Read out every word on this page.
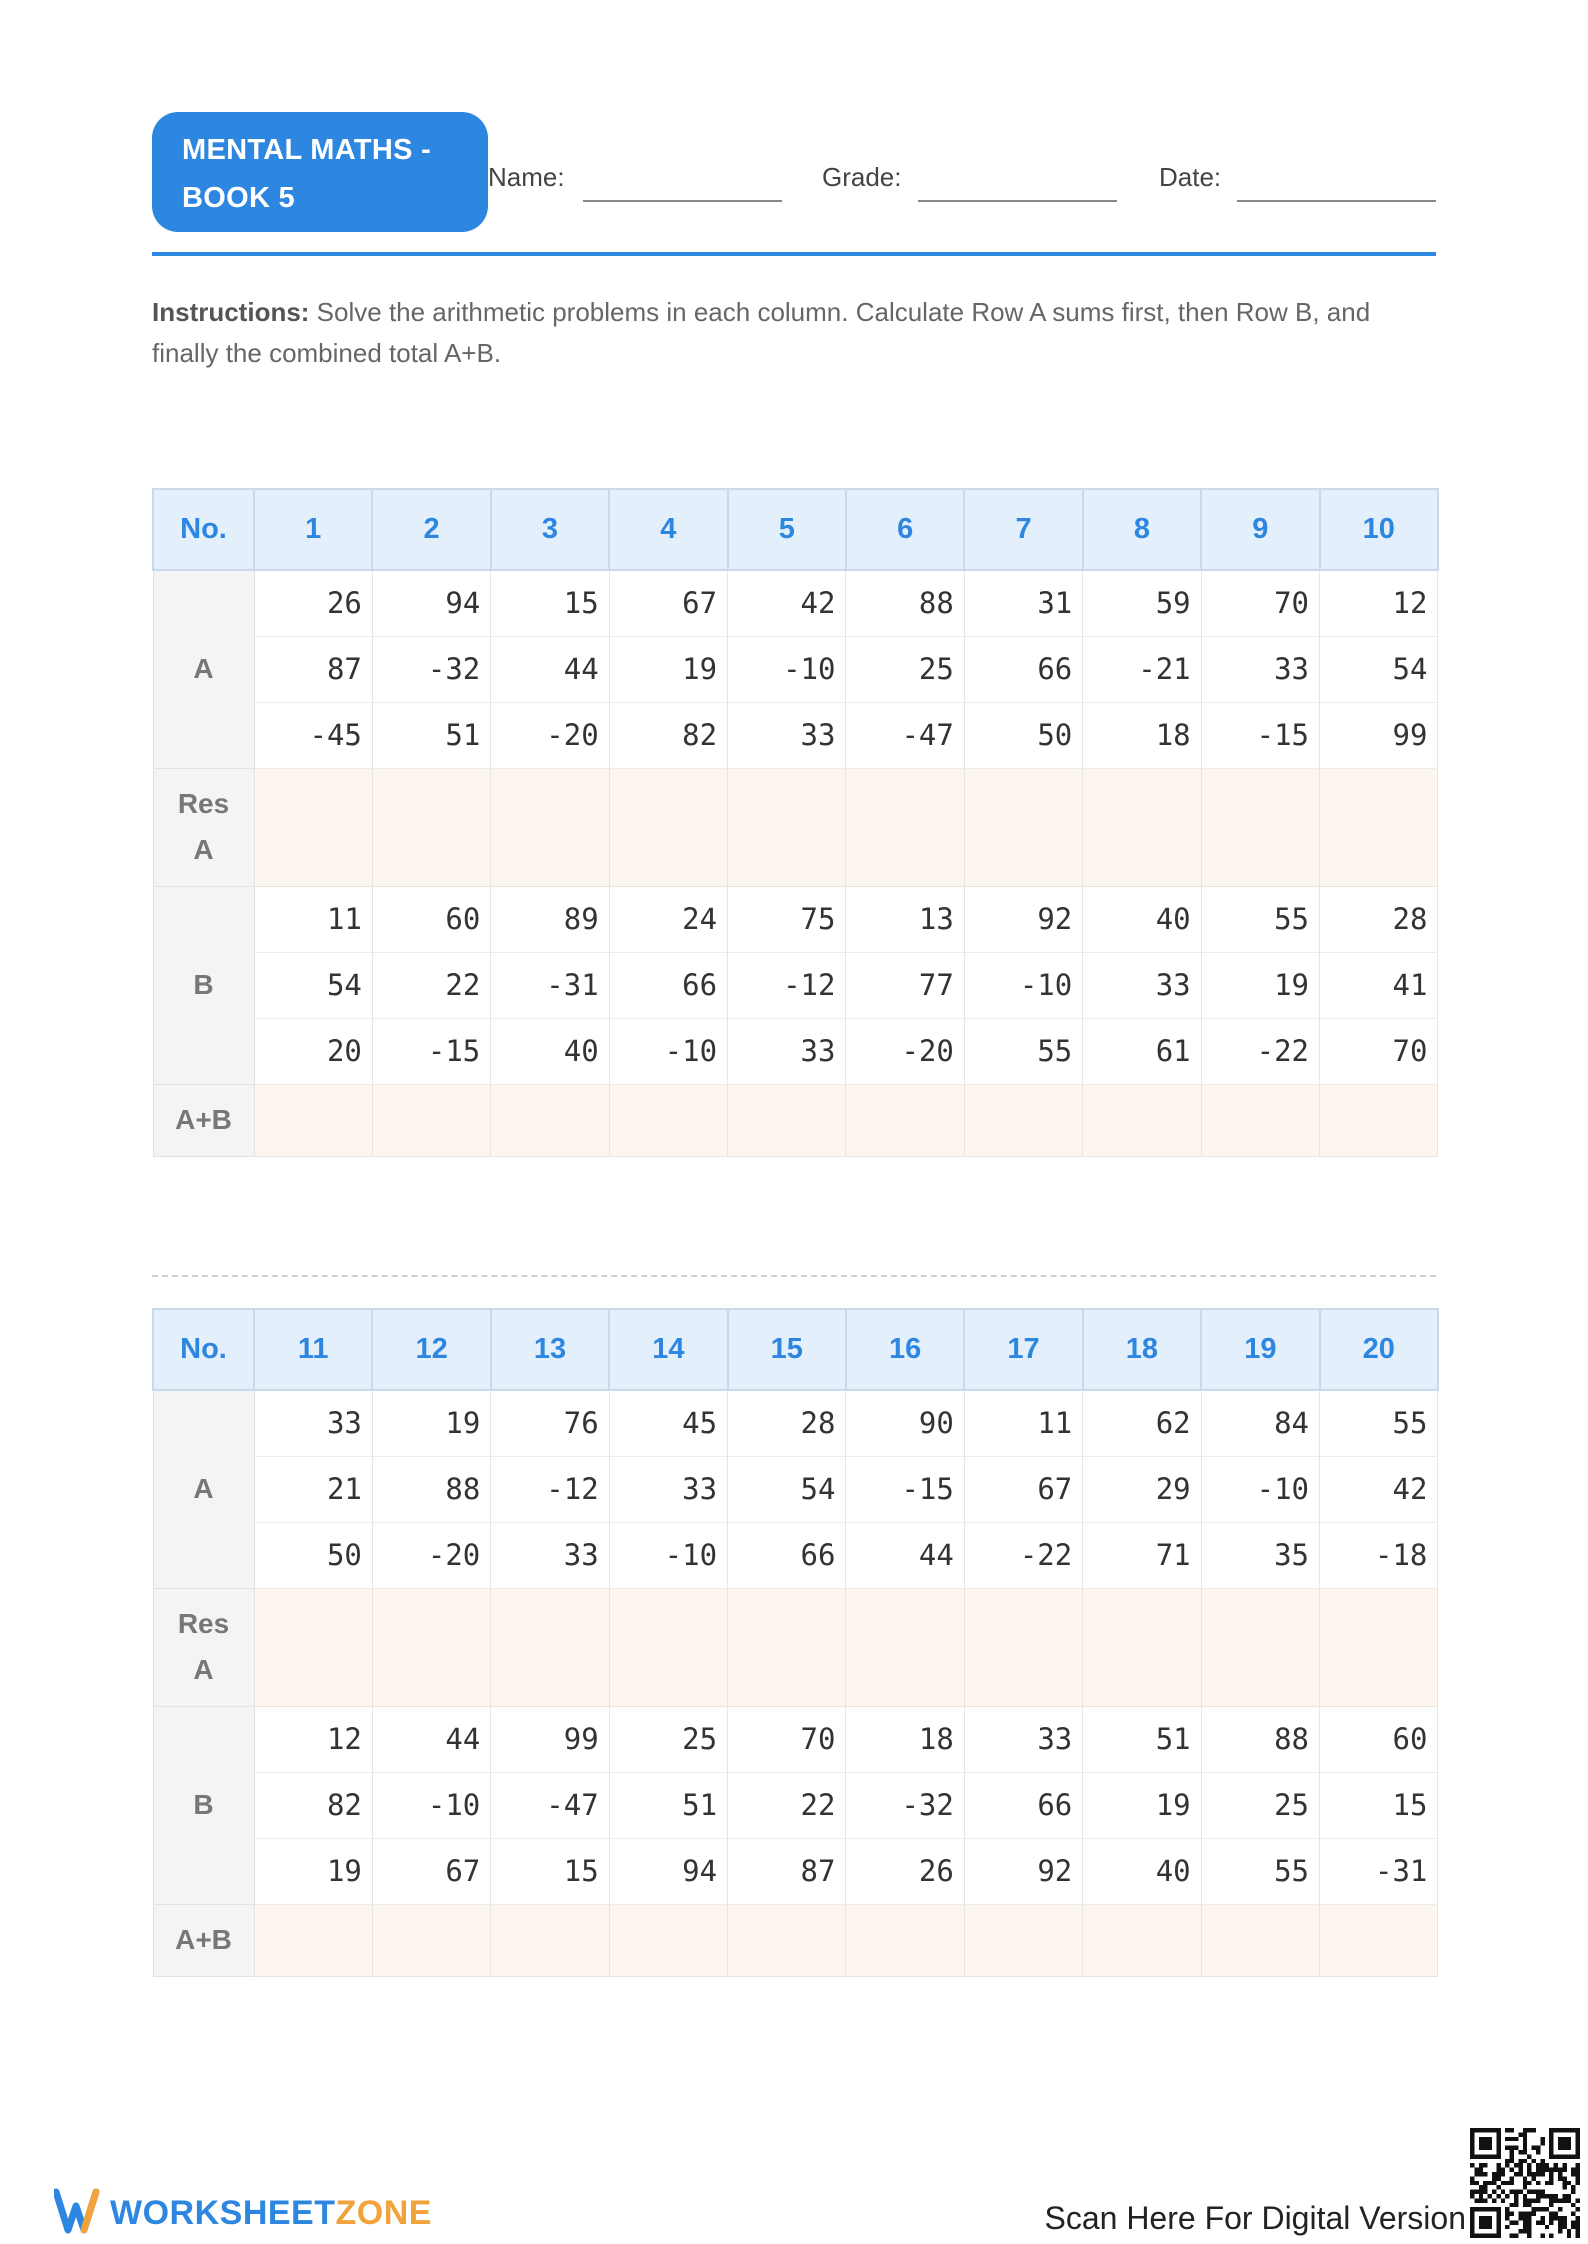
MENTAL MATHS - BOOK 5
Name:	Grade:	Date:
Instructions: Solve the arithmetic problems in each column. Calculate Row A sums first, then Row B, and finally the combined total A+B.
No.	1	2	3	4	5	6	7	8	9	10
A	26	94	15	67	42	88	31	59	70	12
	87	-32	44	19	-10	25	66	-21	33	54
	-45	51	-20	82	33	-47	50	18	-15	99
Res A										
B	11	60	89	24	75	13	92	40	55	28
	54	22	-31	66	-12	77	-10	33	19	41
	20	-15	40	-10	33	-20	55	61	-22	70
A+B										
No.	11	12	13	14	15	16	17	18	19	20
A	33	19	76	45	28	90	11	62	84	55
	21	88	-12	33	54	-15	67	29	-10	42
	50	-20	33	-10	66	44	-22	71	35	-18
Res A										
B	12	44	99	25	70	18	33	51	88	60
	82	-10	-47	51	22	-32	66	19	25	15
	19	67	15	94	87	26	92	40	55	-31
A+B										
WORKSHEETZONE	Scan Here For Digital Version
